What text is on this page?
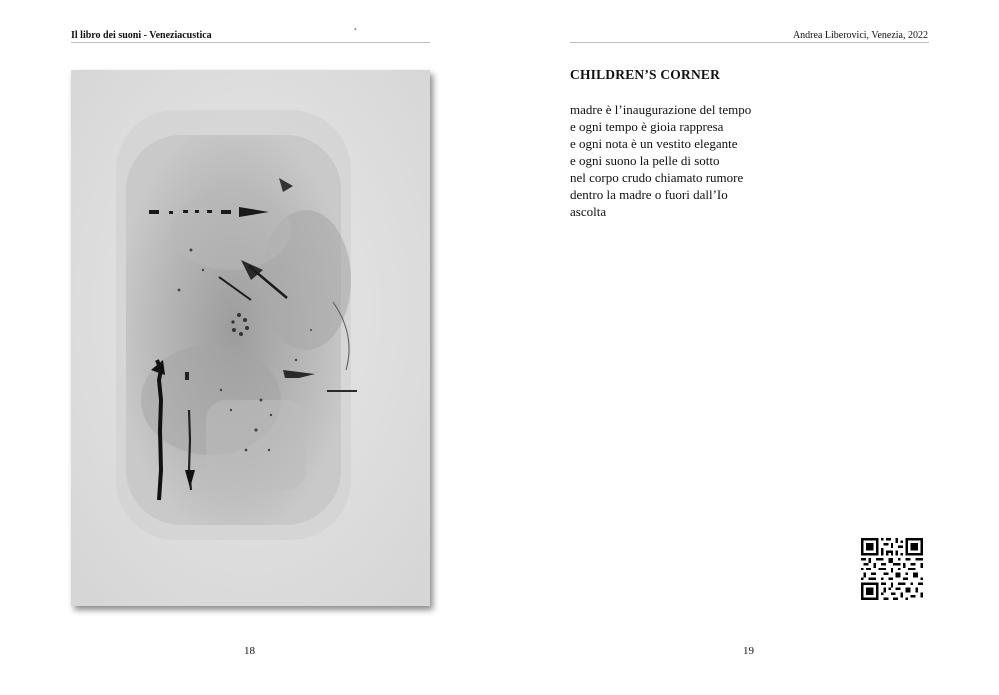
Il libro dei suoni - Veneziacustica
˛
18
Andrea Liberovici, Venezia, 2022
CHILDREN’S CORNER
madre è l’inaugurazione del tempo
e ogni tempo è gioia rappresa
e ogni nota è un vestito elegante
e ogni suono la pelle di sotto
nel corpo crudo chiamato rumore
dentro la madre o fuori dall’Io
ascolta
19
